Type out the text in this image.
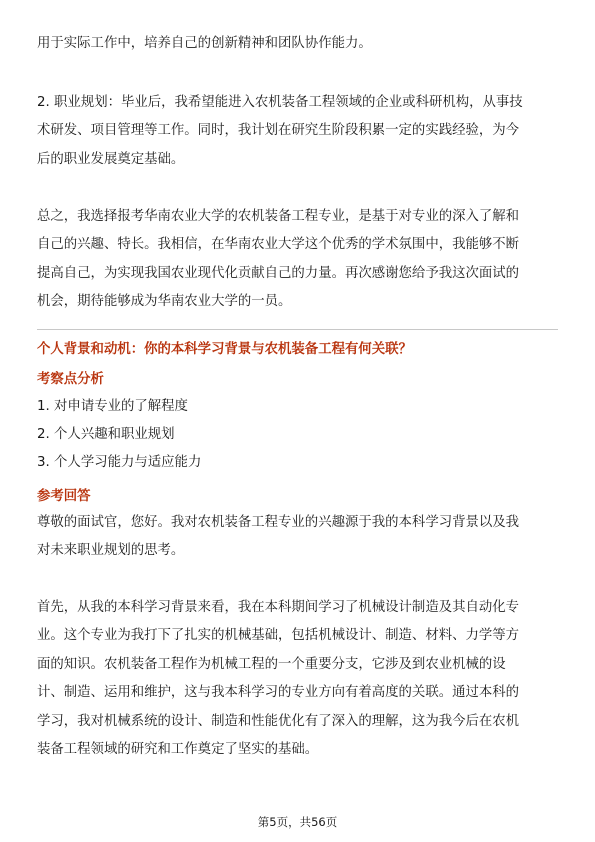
用于实际工作中，培养自己的创新精神和团队协作能力。
2. 职业规划：毕业后，我希望能进入农机装备工程领域的企业或科研机构，从事技
术研发、项目管理等工作。同时，我计划在研究生阶段积累一定的实践经验，为今
后的职业发展奠定基础。
总之，我选择报考华南农业大学的农机装备工程专业，是基于对专业的深入了解和
自己的兴趣、特长。我相信，在华南农业大学这个优秀的学术氛围中，我能够不断
提高自己，为实现我国农业现代化贡献自己的力量。再次感谢您给予我这次面试的
机会，期待能够成为华南农业大学的一员。
个人背景和动机：你的本科学习背景与农机装备工程有何关联？
考察点分析
1. 对申请专业的了解程度
2. 个人兴趣和职业规划
3. 个人学习能力与适应能力
参考回答
尊敬的面试官，您好。我对农机装备工程专业的兴趣源于我的本科学习背景以及我
对未来职业规划的思考。
首先，从我的本科学习背景来看，我在本科期间学习了机械设计制造及其自动化专
业。这个专业为我打下了扎实的机械基础，包括机械设计、制造、材料、力学等方
面的知识。农机装备工程作为机械工程的一个重要分支，它涉及到农业机械的设
计、制造、运用和维护，这与我本科学习的专业方向有着高度的关联。通过本科的
学习，我对机械系统的设计、制造和性能优化有了深入的理解，这为我今后在农机
装备工程领域的研究和工作奠定了坚实的基础。
第5页，共56页
